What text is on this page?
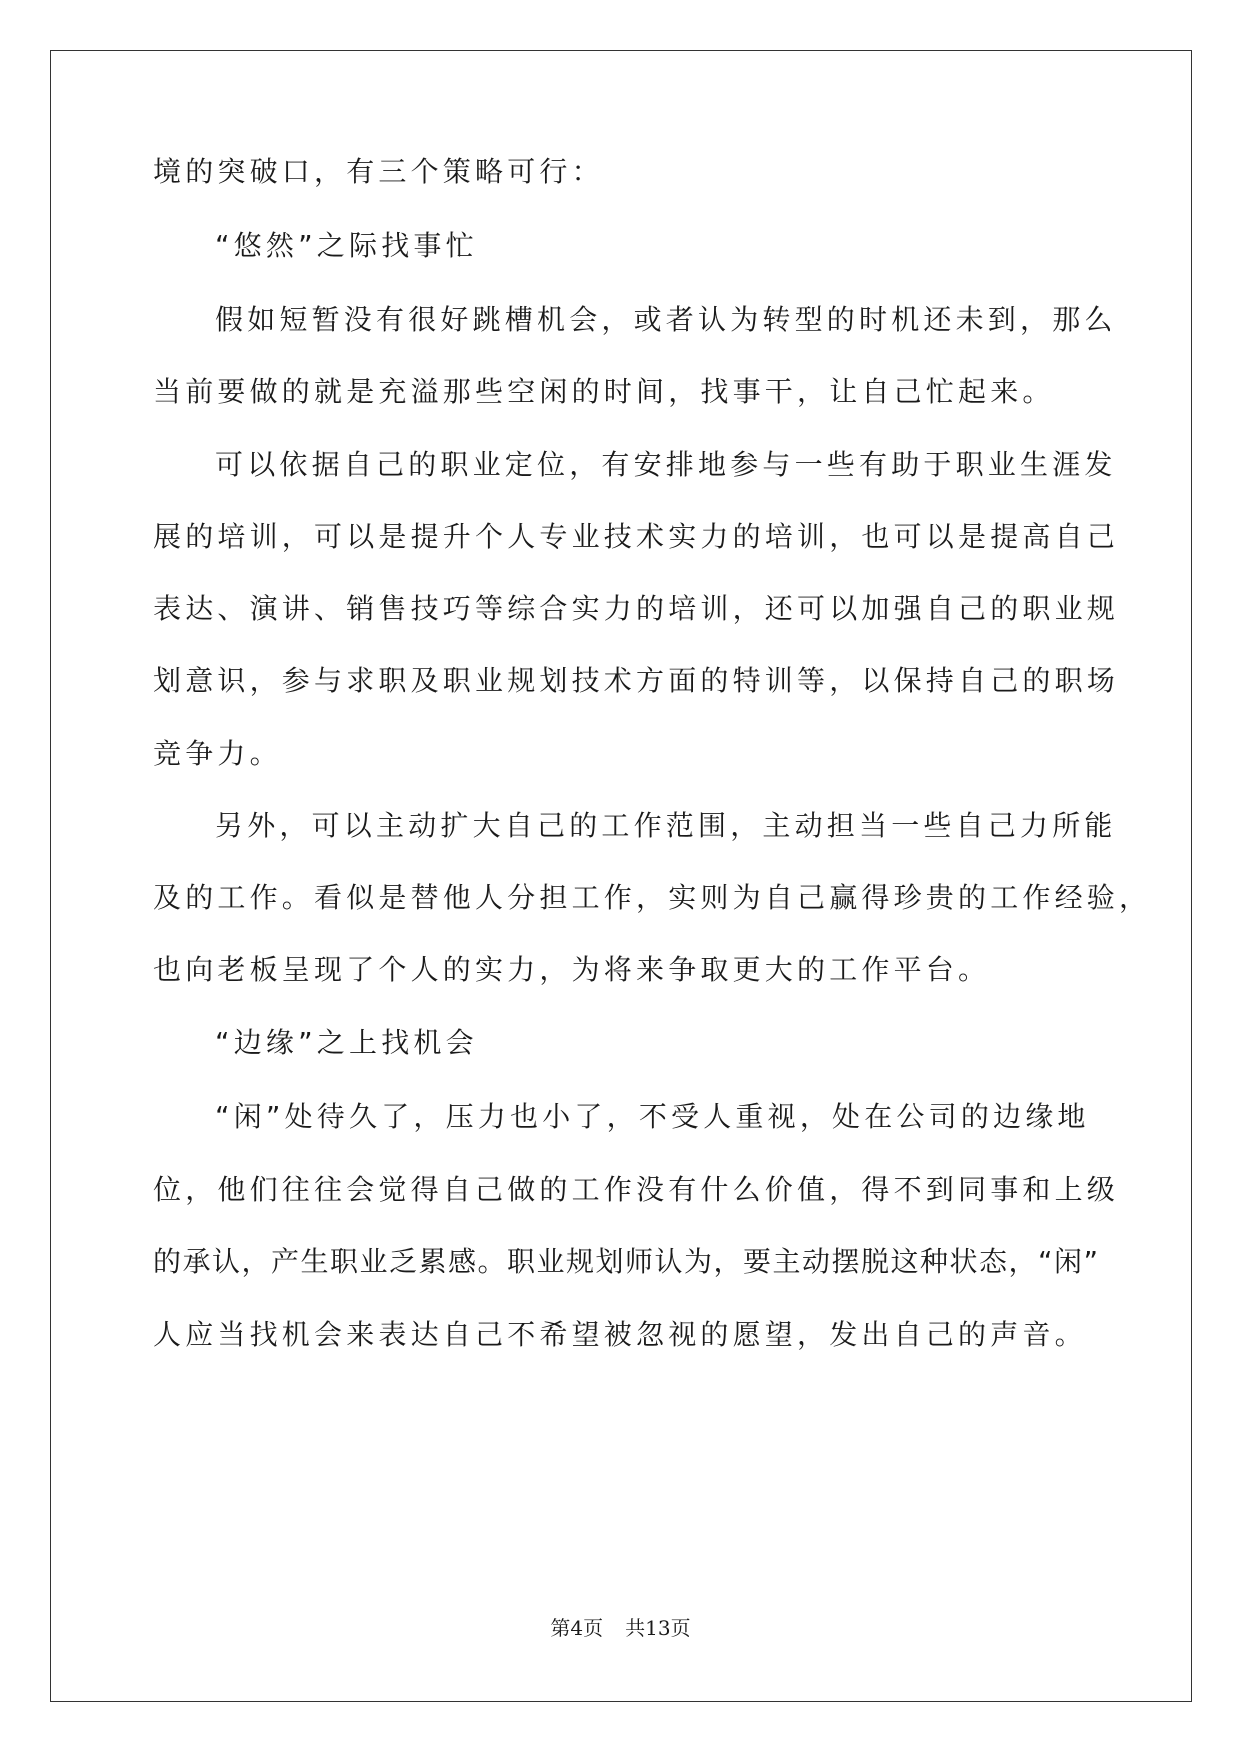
境的突破口，有三个策略可行：
“悠然”之际找事忙
假如短暂没有很好跳槽机会，或者认为转型的时机还未到，那么
当前要做的就是充溢那些空闲的时间，找事干，让自己忙起来。
可以依据自己的职业定位，有安排地参与一些有助于职业生涯发
展的培训，可以是提升个人专业技术实力的培训，也可以是提高自己
表达、演讲、销售技巧等综合实力的培训，还可以加强自己的职业规
划意识，参与求职及职业规划技术方面的特训等，以保持自己的职场
竞争力。
另外，可以主动扩大自己的工作范围，主动担当一些自己力所能
及的工作。看似是替他人分担工作，实则为自己赢得珍贵的工作经验，
也向老板呈现了个人的实力，为将来争取更大的工作平台。
“边缘”之上找机会
“闲”处待久了，压力也小了，不受人重视，处在公司的边缘地
位，他们往往会觉得自己做的工作没有什么价值，得不到同事和上级
的承认，产生职业乏累感。职业规划师认为，要主动摆脱这种状态，“闲”
人应当找机会来表达自己不希望被忽视的愿望，发出自己的声音。
第4页 共13页
